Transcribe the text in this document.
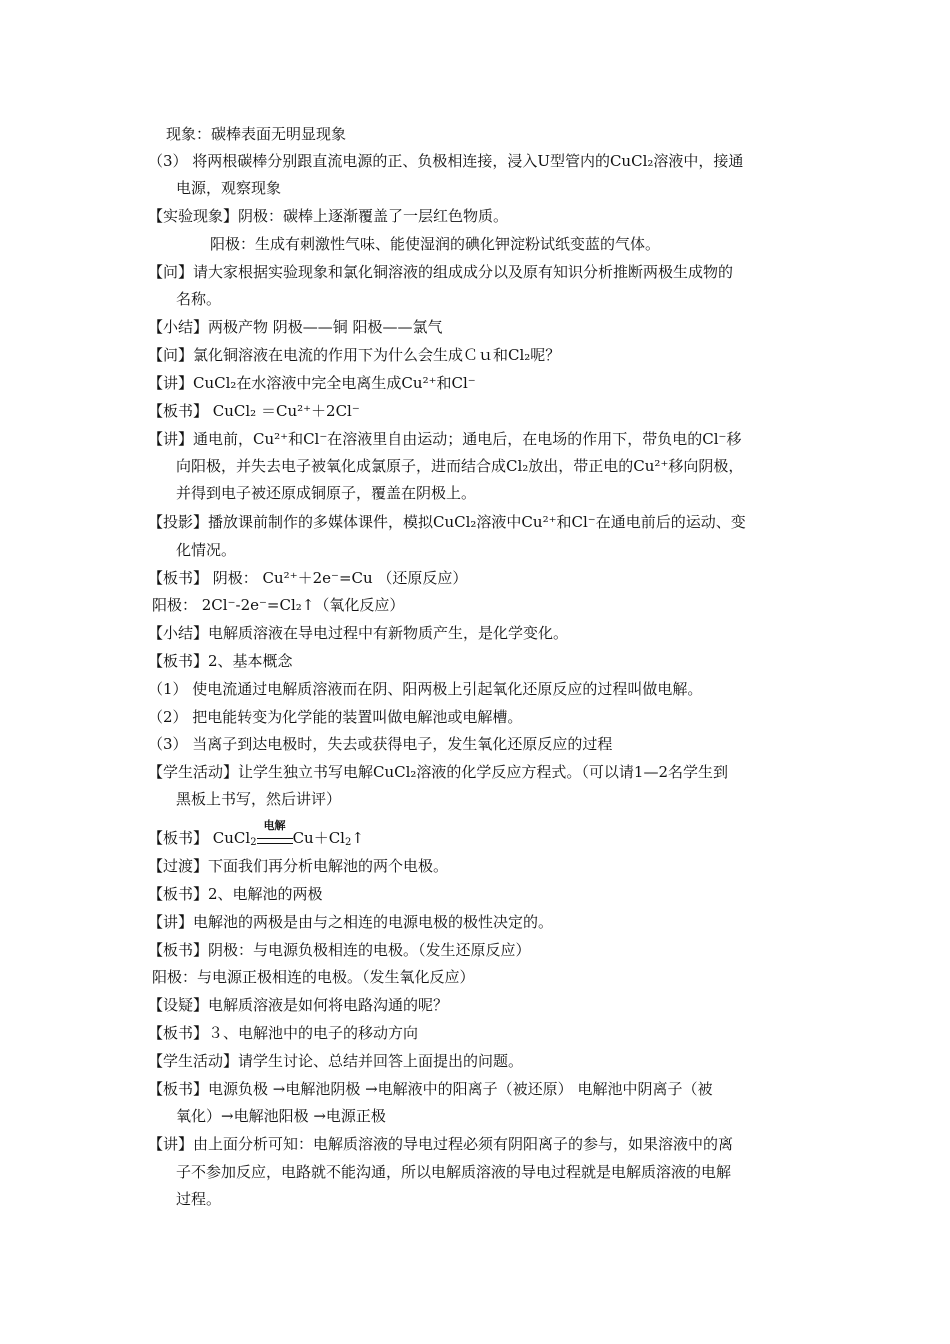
现象：碳棒表面无明显现象
（3） 将两根碳棒分别跟直流电源的正、负极相连接，浸入U型管内的CuCl₂溶液中，接通
电源，观察现象
【实验现象】阴极：碳棒上逐渐覆盖了一层红色物质。
阳极：生成有刺激性气味、能使湿润的碘化钾淀粉试纸变蓝的气体。
【问】请大家根据实验现象和氯化铜溶液的组成成分以及原有知识分析推断两极生成物的
名称。
【小结】两极产物 阴极——铜 阳极——氯气
【问】氯化铜溶液在电流的作用下为什么会生成Ｃｕ和Cl₂呢？
【讲】CuCl₂在水溶液中完全电离生成Cu²⁺和Cl⁻
【板书】 CuCl₂ ＝Cu²⁺＋2Cl⁻
【讲】通电前，Cu²⁺和Cl⁻在溶液里自由运动；通电后，在电场的作用下，带负电的Cl⁻移
向阳极，并失去电子被氧化成氯原子，进而结合成Cl₂放出，带正电的Cu²⁺移向阴极，
并得到电子被还原成铜原子，覆盖在阴极上。
【投影】播放课前制作的多媒体课件，模拟CuCl₂溶液中Cu²⁺和Cl⁻在通电前后的运动、变
化情况。
【板书】 阴极： Cu²⁺＋2e⁻=Cu （还原反应）
阳极： 2Cl⁻-2e⁻=Cl₂↑（氧化反应）
【小结】电解质溶液在导电过程中有新物质产生，是化学变化。
【板书】2、基本概念
（1） 使电流通过电解质溶液而在阴、阳两极上引起氧化还原反应的过程叫做电解。
（2） 把电能转变为化学能的装置叫做电解池或电解槽。
（3） 当离子到达电极时，失去或获得电子，发生氧化还原反应的过程
【学生活动】让学生独立书写电解CuCl₂溶液的化学反应方程式。（可以请1—2名学生到
黑板上书写，然后讲评）
【板书】 CuCl$_2$
电解
$Cu+Cl_2↑$
【过渡】下面我们再分析电解池的两个电极。
【板书】2、电解池的两极
【讲】电解池的两极是由与之相连的电源电极的极性决定的。
【板书】阴极：与电源负极相连的电极。（发生还原反应）
阳极：与电源正极相连的电极。（发生氧化反应）
【设疑】电解质溶液是如何将电路沟通的呢？
【板书】３、电解池中的电子的移动方向
【学生活动】请学生讨论、总结并回答上面提出的问题。
【板书】电源负极 →电解池阴极 →电解液中的阳离子（被还原） 电解池中阴离子（被
氧化）→电解池阳极 →电源正极
【讲】由上面分析可知：电解质溶液的导电过程必须有阴阳离子的参与，如果溶液中的离
子不参加反应，电路就不能沟通，所以电解质溶液的导电过程就是电解质溶液的电解
过程。
